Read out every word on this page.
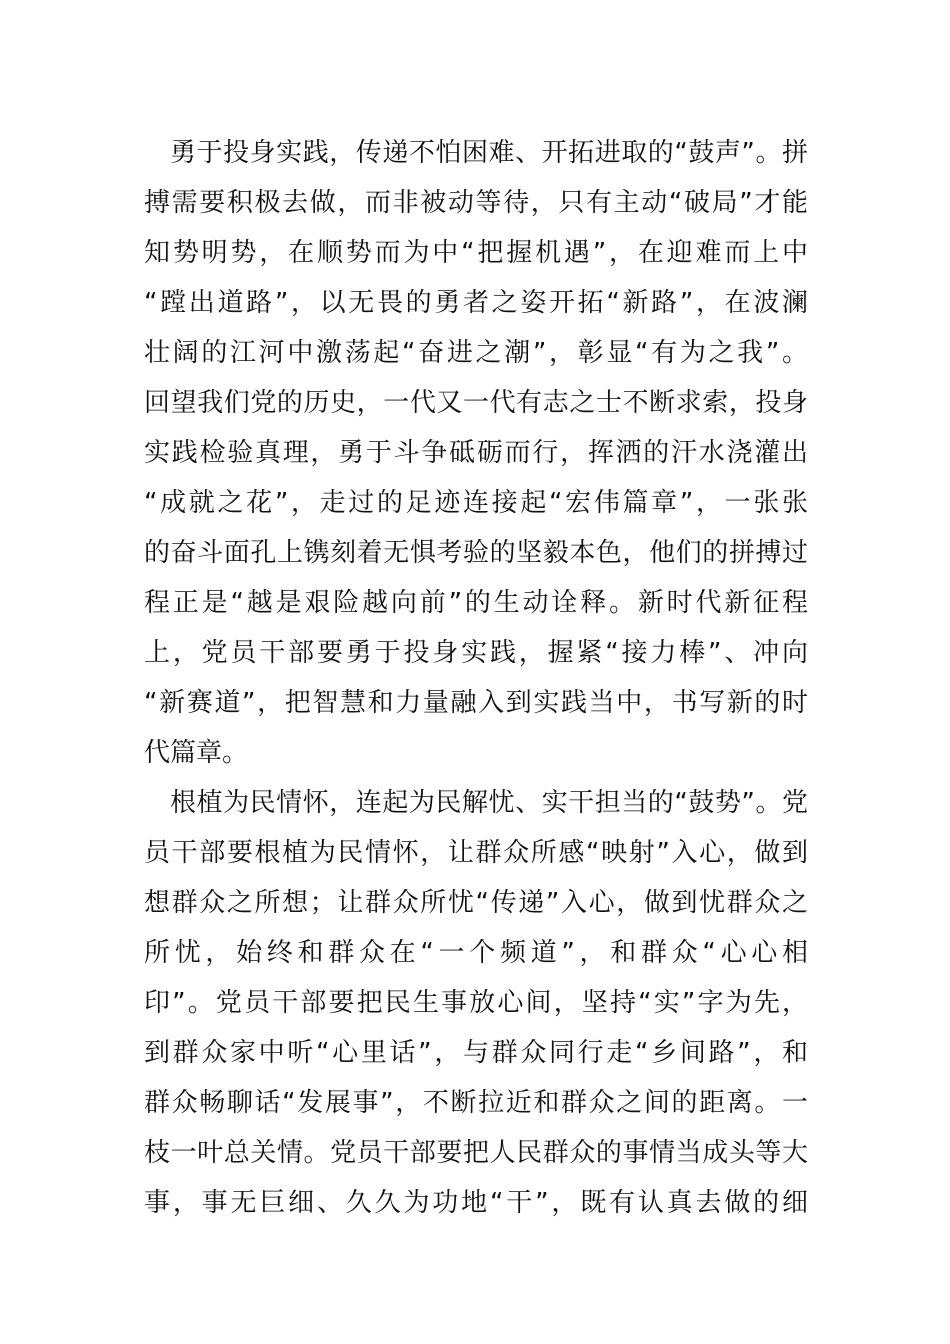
勇于投身实践，传递不怕困难、开拓进取的“鼓声”。拼
搏需要积极去做，而非被动等待，只有主动“破局”才能
知势明势，在顺势而为中“把握机遇”，在迎难而上中
“蹚出道路”，以无畏的勇者之姿开拓“新路”，在波澜
壮阔的江河中激荡起“奋进之潮”，彰显“有为之我”。
回望我们党的历史，一代又一代有志之士不断求索，投身
实践检验真理，勇于斗争砥砺而行，挥洒的汗水浇灌出
“成就之花”，走过的足迹连接起“宏伟篇章”，一张张
的奋斗面孔上镌刻着无惧考验的坚毅本色，他们的拼搏过
程正是“越是艰险越向前”的生动诠释。新时代新征程
上，党员干部要勇于投身实践，握紧“接力棒”、冲向
“新赛道”，把智慧和力量融入到实践当中，书写新的时
代篇章。
根植为民情怀，连起为民解忧、实干担当的“鼓势”。党
员干部要根植为民情怀，让群众所感“映射”入心，做到
想群众之所想；让群众所忧“传递”入心，做到忧群众之
所忧，始终和群众在“一个频道”，和群众“心心相
印”。党员干部要把民生事放心间，坚持“实”字为先，
到群众家中听“心里话”，与群众同行走“乡间路”，和
群众畅聊话“发展事”，不断拉近和群众之间的距离。一
枝一叶总关情。党员干部要把人民群众的事情当成头等大
事，事无巨细、久久为功地“干”，既有认真去做的细
